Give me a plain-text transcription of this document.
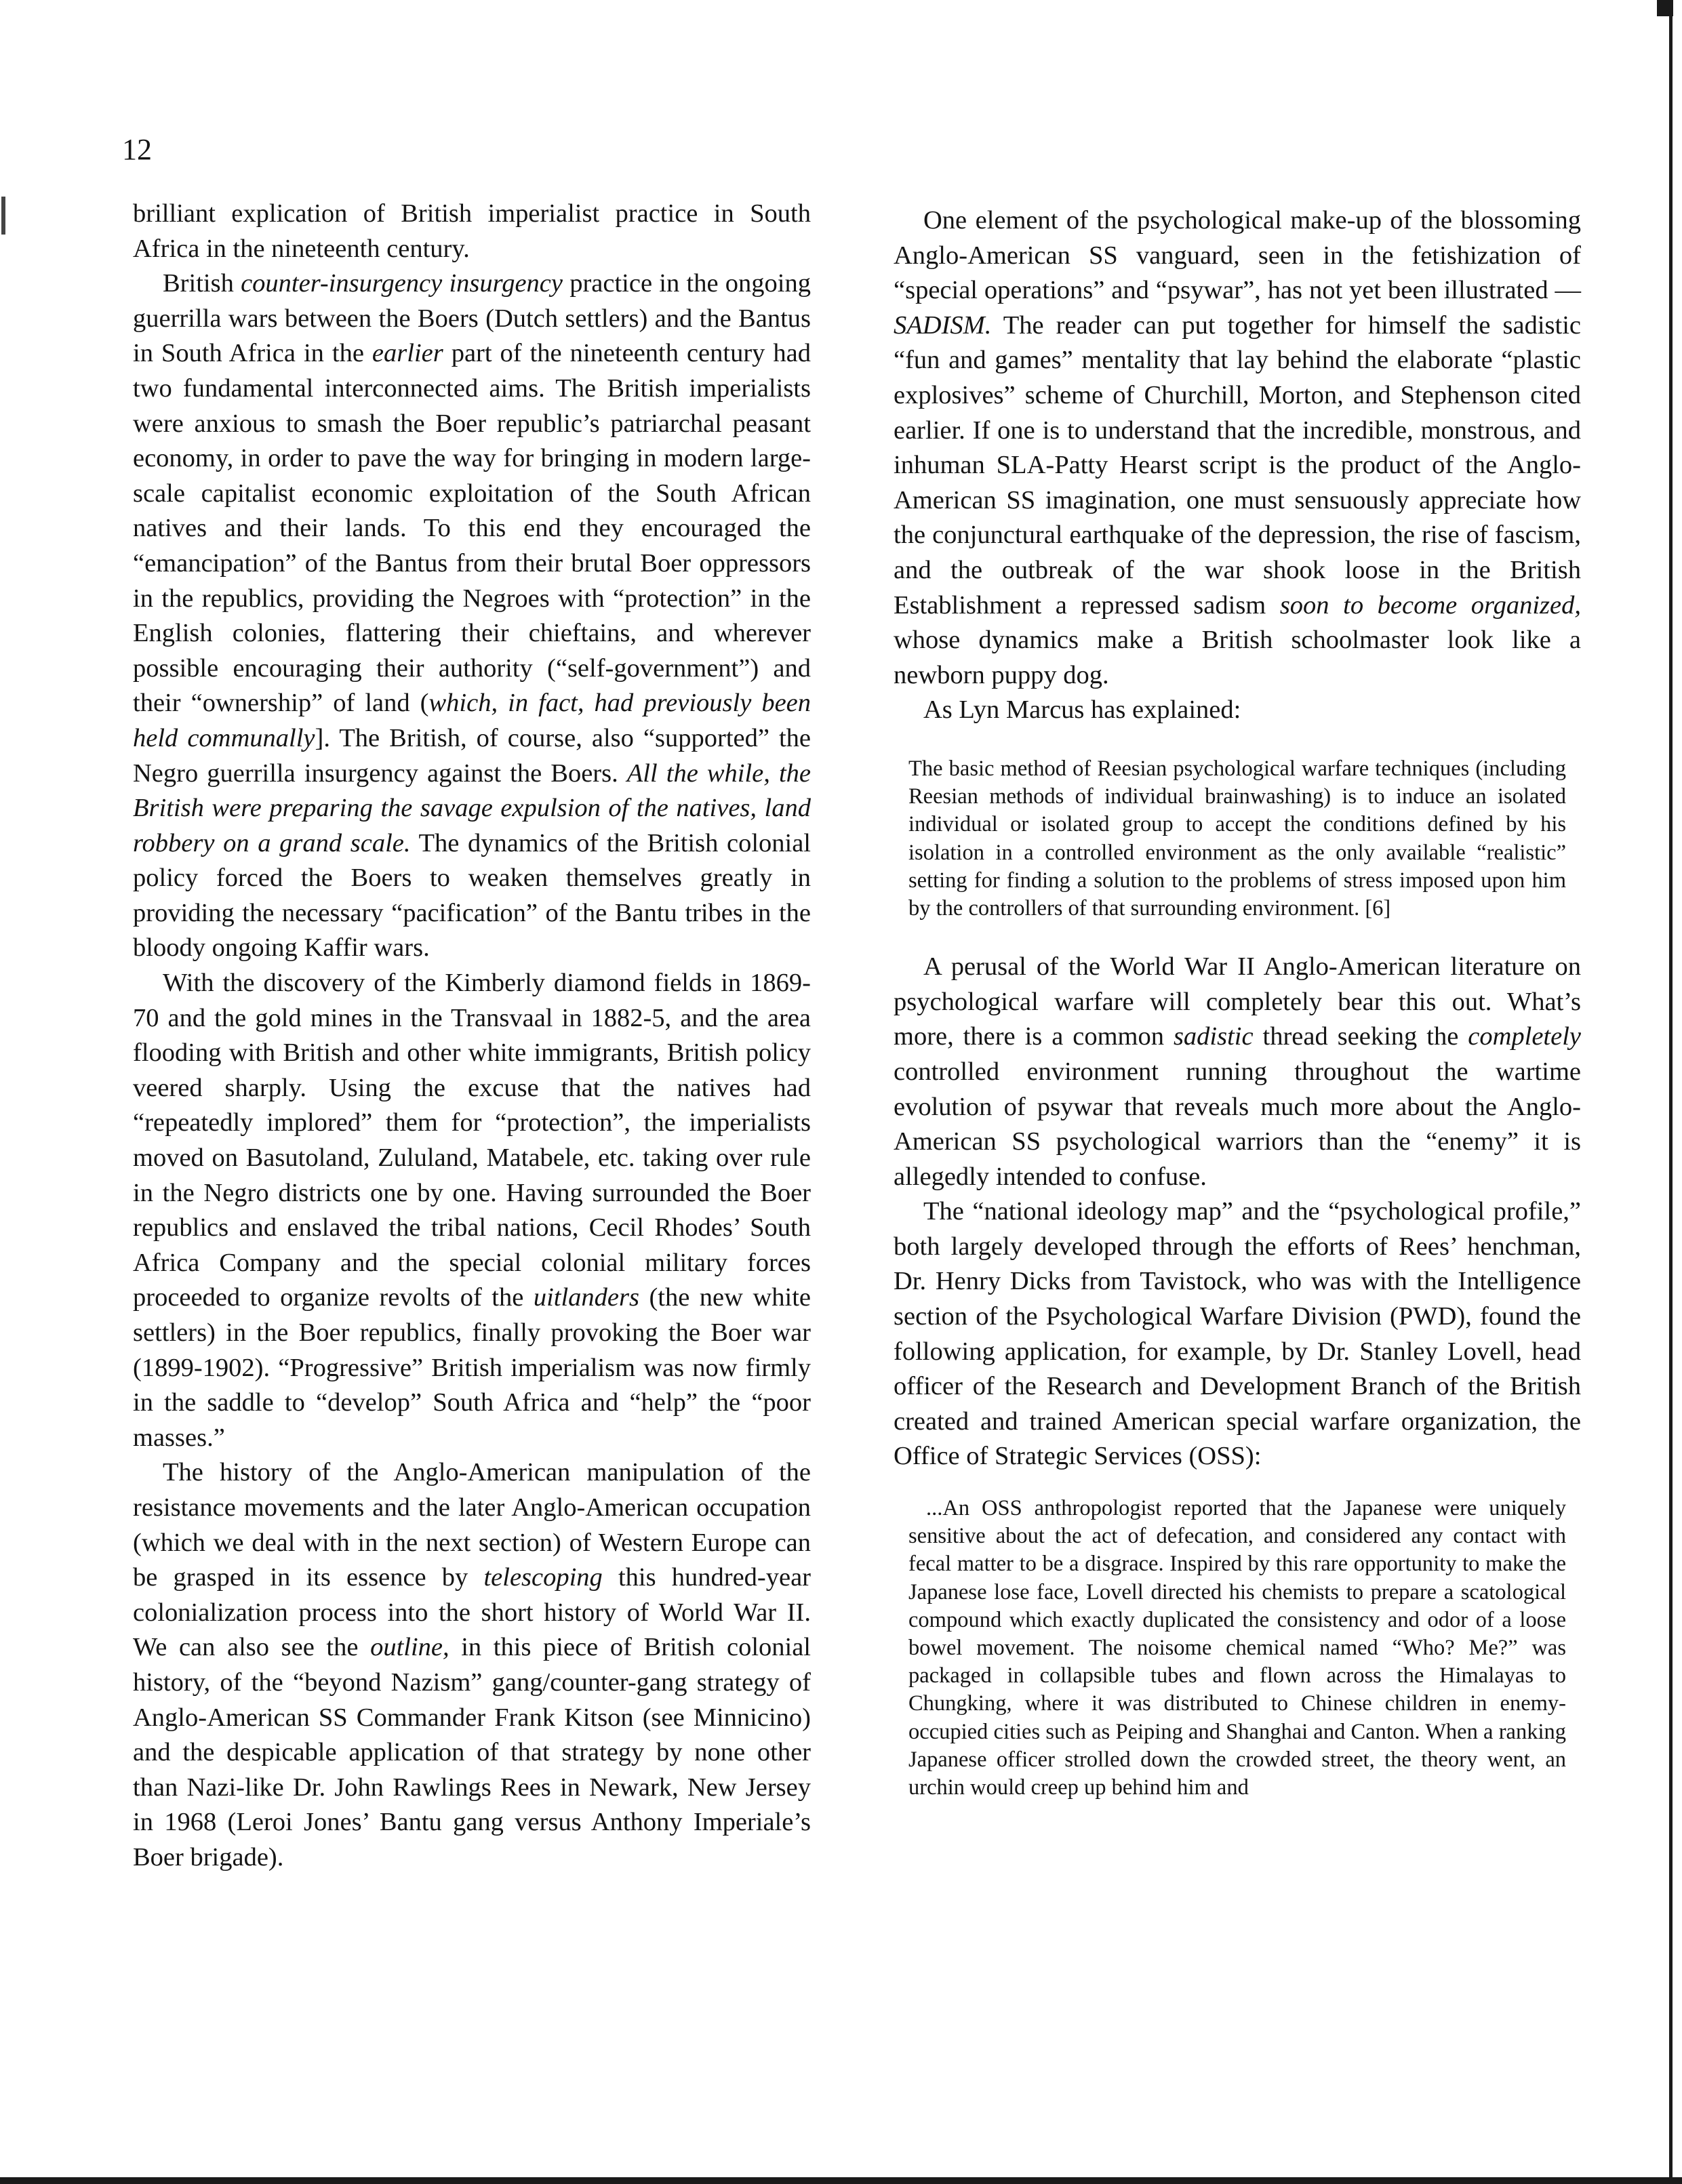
12

brilliant explication of British imperialist practice in South Africa in the nineteenth century.

British counter-insurgency insurgency practice in the ongoing guerrilla wars between the Boers (Dutch settlers) and the Bantus in South Africa in the earlier part of the nineteenth century had two fundamental interconnected aims. The British imperialists were anxious to smash the Boer republic’s patriarchal peasant economy, in order to pave the way for bringing in modern large-scale capitalist economic exploitation of the South African natives and their lands. To this end they encouraged the “emancipation” of the Bantus from their brutal Boer oppressors in the republics, providing the Negroes with “protection” in the English colonies, flattering their chieftains, and wherever possible encouraging their authority (“self-government”) and their “ownership” of land (which, in fact, had previously been held communally]. The British, of course, also “supported” the Negro guerrilla insurgency against the Boers. All the while, the British were preparing the savage expulsion of the natives, land robbery on a grand scale. The dynamics of the British colonial policy forced the Boers to weaken themselves greatly in providing the necessary “pacification” of the Bantu tribes in the bloody ongoing Kaffir wars.

With the discovery of the Kimberly diamond fields in 1869-70 and the gold mines in the Transvaal in 1882-5, and the area flooding with British and other white immigrants, British policy veered sharply. Using the excuse that the natives had “repeatedly implored” them for “protection”, the imperialists moved on Basutoland, Zululand, Matabele, etc. taking over rule in the Negro districts one by one. Having surrounded the Boer republics and enslaved the tribal nations, Cecil Rhodes’ South Africa Company and the special colonial military forces proceeded to organize revolts of the uitlanders (the new white settlers) in the Boer republics, finally provoking the Boer war (1899-1902). “Progressive” British imperialism was now firmly in the saddle to “develop” South Africa and “help” the “poor masses.”

The history of the Anglo-American manipulation of the resistance movements and the later Anglo-American occupation (which we deal with in the next section) of Western Europe can be grasped in its essence by telescoping this hundred-year colonialization process into the short history of World War II. We can also see the outline, in this piece of British colonial history, of the “beyond Nazism” gang/counter-gang strategy of Anglo-American SS Commander Frank Kitson (see Minnicino) and the despicable application of that strategy by none other than Nazi-like Dr. John Rawlings Rees in Newark, New Jersey in 1968 (Leroi Jones’ Bantu gang versus Anthony Imperiale’s Boer brigade).

One element of the psychological make-up of the blossoming Anglo-American SS vanguard, seen in the fetishization of “special operations” and “psywar”, has not yet been illustrated — SADISM. The reader can put together for himself the sadistic “fun and games” mentality that lay behind the elaborate “plastic explosives” scheme of Churchill, Morton, and Stephenson cited earlier. If one is to understand that the incredible, monstrous, and inhuman SLA-Patty Hearst script is the product of the Anglo-American SS imagination, one must sensuously appreciate how the conjunctural earthquake of the depression, the rise of fascism, and the outbreak of the war shook loose in the British Establishment a repressed sadism soon to become organized, whose dynamics make a British schoolmaster look like a newborn puppy dog.

As Lyn Marcus has explained:

The basic method of Reesian psychological warfare techniques (including Reesian methods of individual brainwashing) is to induce an isolated individual or isolated group to accept the conditions defined by his isolation in a controlled environment as the only available “realistic” setting for finding a solution to the problems of stress imposed upon him by the controllers of that surrounding environment. [6]

A perusal of the World War II Anglo-American literature on psychological warfare will completely bear this out. What’s more, there is a common sadistic thread seeking the completely controlled environment running throughout the wartime evolution of psywar that reveals much more about the Anglo-American SS psychological warriors than the “enemy” it is allegedly intended to confuse.

The “national ideology map” and the “psychological profile,” both largely developed through the efforts of Rees’ henchman, Dr. Henry Dicks from Tavistock, who was with the Intelligence section of the Psychological Warfare Division (PWD), found the following application, for example, by Dr. Stanley Lovell, head officer of the Research and Development Branch of the British created and trained American special warfare organization, the Office of Strategic Services (OSS):

...An OSS anthropologist reported that the Japanese were uniquely sensitive about the act of defecation, and considered any contact with fecal matter to be a disgrace. Inspired by this rare opportunity to make the Japanese lose face, Lovell directed his chemists to prepare a scatological compound which exactly duplicated the consistency and odor of a loose bowel movement. The noisome chemical named “Who? Me?” was packaged in collapsible tubes and flown across the Himalayas to Chungking, where it was distributed to Chinese children in enemy-occupied cities such as Peiping and Shanghai and Canton. When a ranking Japanese officer strolled down the crowded street, the theory went, an urchin would creep up behind him and
